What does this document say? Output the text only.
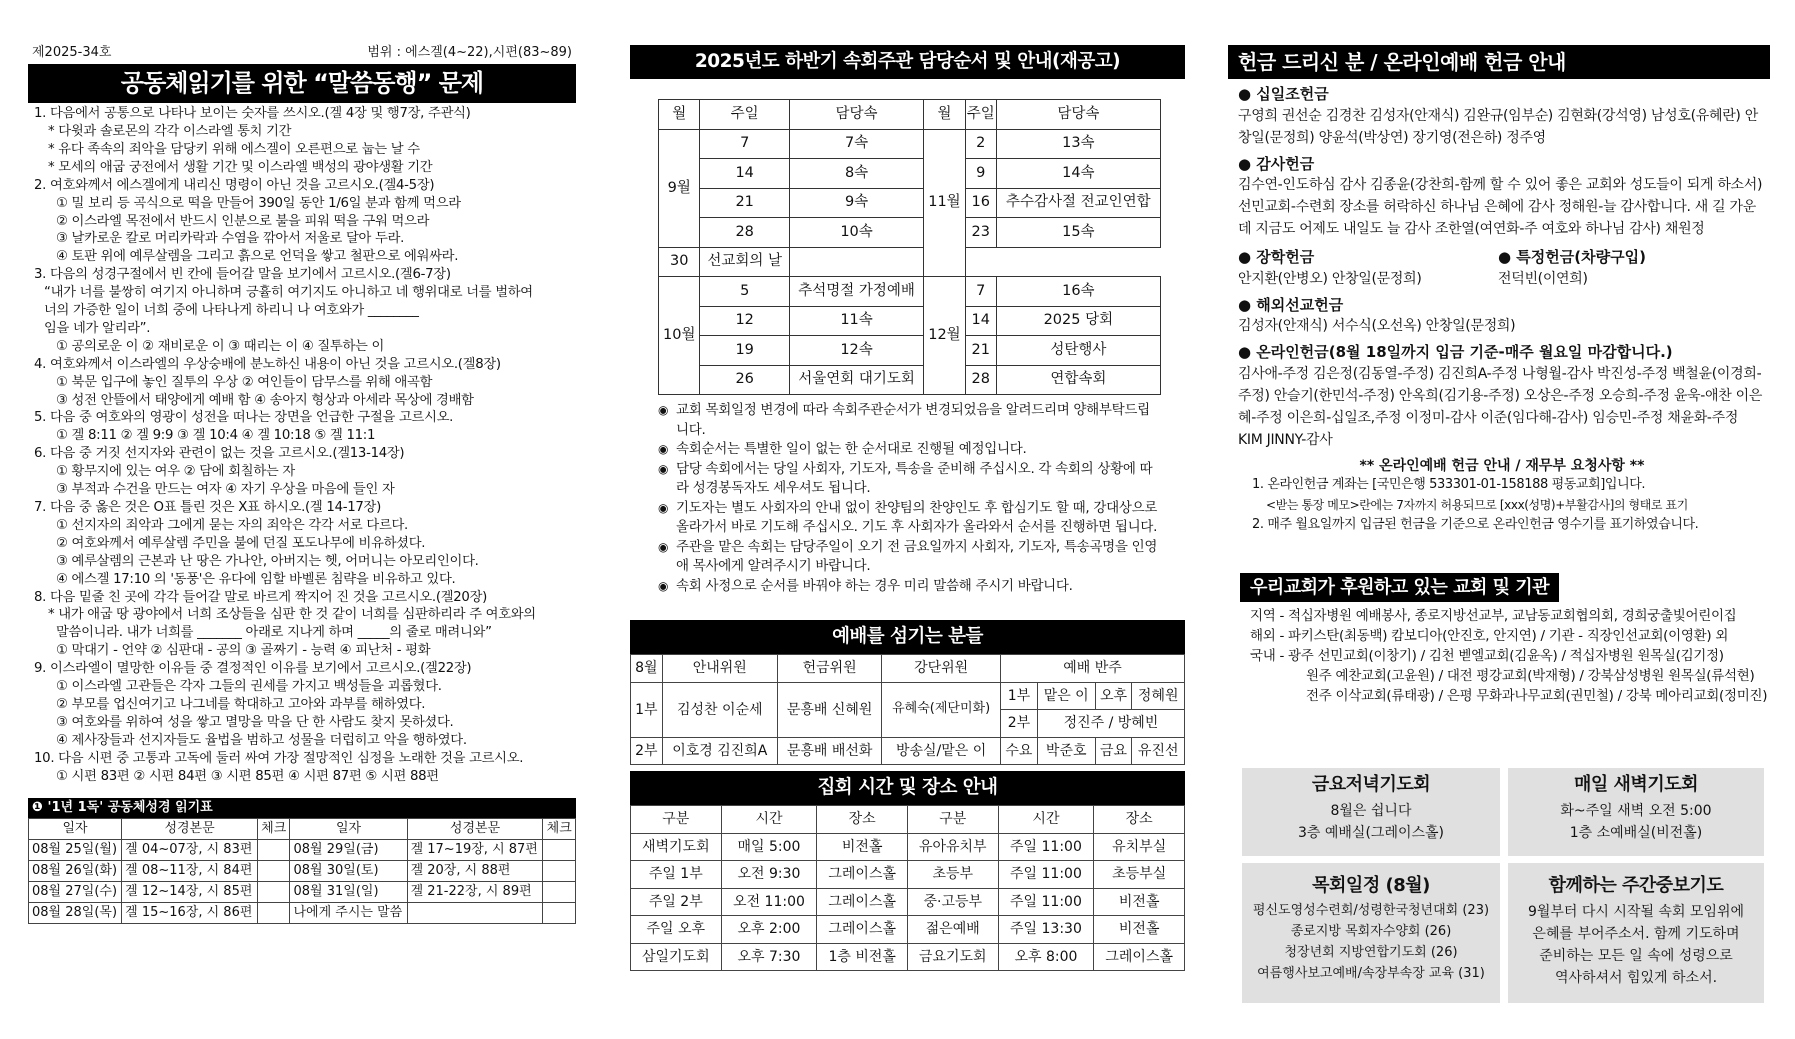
제2025-34호	범위 : 에스겔(4~22),시편(83~89)
공동체읽기를 위한 “말씀동행” 문제
1. 다음에서 공통으로 나타나 보이는 숫자를 쓰시오.(겔 4장 및 행7장, 주관식)
* 다윗과 솔로몬의 각각 이스라엘 통치 기간
* 유다 족속의 죄악을 담당키 위해 에스겔이 오른편으로 눕는 날 수
* 모세의 애굽 궁전에서 생활 기간 및 이스라엘 백성의 광야생활 기간
2. 여호와께서 에스겔에게 내리신 명령이 아닌 것을 고르시오.(겔4-5장)
① 밀 보리 등 곡식으로 떡을 만들어 390일 동안 1/6일 분과 함께 먹으라
② 이스라엘 목전에서 반드시 인분으로 불을 피워 떡을 구워 먹으라
③ 날카로운 칼로 머리카락과 수염을 깎아서 저울로 달아 두라.
④ 토판 위에 예루살렘을 그리고 흙으로 언덕을 쌓고 철판으로 에워싸라.
3. 다음의 성경구절에서 빈 칸에 들어갈 말을 보기에서 고르시오.(겔6-7장)
“내가 너를 불쌍히 여기지 아니하며 긍휼히 여기지도 아니하고 네 행위대로 너를 벌하여
너의 가증한 일이 너희 중에 나타나게 하리니 나 여호와가 ________
임을 네가 알리라”.
① 공의로운 이 ② 재비로운 이 ③ 때리는 이 ④ 질투하는 이
4. 여호와께서 이스라엘의 우상숭배에 분노하신 내용이 아닌 것을 고르시오.(겔8장)
① 북문 입구에 놓인 질투의 우상 ② 여인들이 담무스를 위해 애곡함
③ 성전 안뜰에서 태양에게 예배 함 ④ 송아지 형상과 아세라 목상에 경배함
5. 다음 중 여호와의 영광이 성전을 떠나는 장면을 언급한 구절을 고르시오.
① 겔 8:11 ② 겔 9:9 ③ 겔 10:4 ④ 겔 10:18 ⑤ 겔 11:1
6. 다음 중 거짓 선지자와 관련이 없는 것을 고르시오.(겔13-14장)
① 황무지에 있는 여우 ② 담에 회칠하는 자
③ 부적과 수건을 만드는 여자 ④ 자기 우상을 마음에 들인 자
7. 다음 중 옳은 것은 O표 틀린 것은 X표 하시오.(겔 14-17장)
① 선지자의 죄악과 그에게 묻는 자의 죄악은 각각 서로 다르다.
② 여호와께서 예루살렘 주민을 불에 던질 포도나무에 비유하셨다.
③ 예루살렘의 근본과 난 땅은 가나안, 아버지는 헷, 어머니는 아모리인이다.
④ 에스겔 17:10 의 '동풍'은 유다에 임할 바벨론 침략을 비유하고 있다.
8. 다음 밑줄 친 곳에 각각 들어갈 말로 바르게 짝지어 진 것을 고르시오.(겔20장)
* 내가 애굽 땅 광야에서 너희 조상들을 심판 한 것 같이 너희를 심판하리라 주 여호와의
말씀이니라. 내가 너희를 _______ 아래로 지나게 하며 _____의 줄로 매려니와”
① 막대기 - 언약 ② 심판대 - 공의 ③ 골짜기 - 능력 ④ 피난처 - 평화
9. 이스라엘이 멸망한 이유들 중 결정적인 이유를 보기에서 고르시오.(겔22장)
① 이스라엘 고관들은 각자 그들의 권세를 가지고 백성들을 괴롭혔다.
② 부모를 업신여기고 나그네를 학대하고 고아와 과부를 해하였다.
③ 여호와를 위하여 성을 쌓고 멸망을 막을 단 한 사람도 찾지 못하셨다.
④ 제사장들과 선지자들도 율법을 범하고 성물을 더럽히고 악을 행하였다.
10. 다음 시편 중 고통과 고독에 둘러 싸여 가장 절망적인 심정을 노래한 것을 고르시오.
① 시편 83편 ② 시편 84편 ③ 시편 85편 ④ 시편 87편 ⑤ 시편 88편
❶ '1년 1독' 공동체성경 읽기표
일자	성경본문	체크	일자	성경본문	체크
08월 25일(월)	겔 04~07장, 시 83편		08월 29일(금)	겔 17~19장, 시 87편	
08월 26일(화)	겔 08~11장, 시 84편		08월 30일(토)	겔 20장, 시 88편	
08월 27일(수)	겔 12~14장, 시 85편		08월 31일(일)	겔 21-22장, 시 89편	
08월 28일(목)	겔 15~16장, 시 86편		나에게 주시는 말씀		
2025년도 하반기 속회주관 담당순서 및 안내(재공고)
월	주일	담당속	월	주일	담당속
9월	7	7속	11월	2	13속
	14	8속		9	14속
	21	9속		16	추수감사절 전교인연합
	28	10속		23	15속
30	선교회의 날				
10월	5	추석명절 가정예배	12월	7	16속
	12	11속		14	2025 당회
	19	12속		21	성탄행사
	26	서울연회 대기도회		28	연합속회
◉ 교회 목회일정 변경에 따라 속회주관순서가 변경되었음을 알려드리며 양해부탁드립니다.
◉ 속회순서는 특별한 일이 없는 한 순서대로 진행될 예정입니다.
◉ 담당 속회에서는 당일 사회자, 기도자, 특송을 준비해 주십시오. 각 속회의 상황에 따라 성경봉독자도 세우셔도 됩니다.
◉ 기도자는 별도 사회자의 안내 없이 찬양팀의 찬양인도 후 합심기도 할 때, 강대상으로 올라가서 바로 기도해 주십시오. 기도 후 사회자가 올라와서 순서를 진행하면 됩니다.
◉ 주관을 맡은 속회는 담당주일이 오기 전 금요일까지 사회자, 기도자, 특송곡명을 인영애 목사에게 알려주시기 바랍니다.
◉ 속회 사정으로 순서를 바꿔야 하는 경우 미리 말씀해 주시기 바랍니다.
예배를 섬기는 분들
8월	안내위원	헌금위원	강단위원	예배 반주			
1부	김성찬 이순세	문흥배 신혜원	유혜숙(제단미화)	1부	맡은 이	오후	정혜원
				2부	정진주 / 방혜빈		
2부	이호경 김진희A	문흥배 배선화	방송실/맡은 이	수요	박준호	금요	유진선
집회 시간 및 장소 안내
구분	시간	장소	구분	시간	장소
새벽기도회	매일 5:00	비전홀	유아유치부	주일 11:00	유치부실
주일 1부	오전 9:30	그레이스홀	초등부	주일 11:00	초등부실
주일 2부	오전 11:00	그레이스홀	중·고등부	주일 11:00	비전홀
주일 오후	오후 2:00	그레이스홀	젊은예배	주일 13:30	비전홀
삼일기도회	오후 7:30	1층 비전홀	금요기도회	오후 8:00	그레이스홀
헌금 드리신 분 / 온라인예배 헌금 안내
● 십일조헌금
구영희 권선순 김경찬 김성자(안재식) 김완규(임부순) 김현화(강석영) 남성호(유혜란) 안창일(문정희) 양윤석(박상연) 장기영(전은하) 정주영
● 감사헌금
김수연-인도하심 감사 김종윤(강찬희-함께 할 수 있어 좋은 교회와 성도들이 되게 하소서) 선민교회-수련회 장소를 허락하신 하나님 은혜에 감사 정해원-늘 감사합니다. 새 길 가운데 지금도 어제도 내일도 늘 감사 조한열(여연화-주 여호와 하나님 감사) 채원정
● 장학헌금
안지환(안병오) 안창일(문정희)
● 특정헌금(차량구입)
전덕빈(이연희)
● 해외선교헌금
김성자(안재식) 서수식(오선옥) 안창일(문정희)
● 온라인헌금(8월 18일까지 입금 기준-매주 월요일 마감합니다.)
김사애-주정 김은정(김동열-주정) 김진희A-주정 나형월-감사 박진성-주정 백철윤(이경희-주정) 안슬기(한민석-주정) 안옥희(김기용-주정) 오상은-주정 오승희-주정 윤욱-애찬 이은혜-주정 이은희-십일조,주정 이정미-감사 이준(임다해-감사) 임승민-주정 채윤화-주정 KIM JINNY-감사
** 온라인예배 헌금 안내 / 재무부 요청사항 **
1. 온라인헌금 계좌는 [국민은행 533301-01-158188 평동교회]입니다.
<받는 통장 메모>란에는 7자까지 허용되므로 [xxx(성명)+부활감사]의 형태로 표기
2. 매주 월요일까지 입금된 헌금을 기준으로 온라인헌금 영수기를 표기하였습니다.
우리교회가 후원하고 있는 교회 및 기관
지역 - 적십자병원 예배봉사, 종로지방선교부, 교남동교회협의회, 경희궁출빛어린이집
해외 - 파키스탄(최동백) 캄보디아(안진호, 안지연) / 기관 - 직장인선교회(이영환) 외
국내 - 광주 선민교회(이창기) / 김천 벧엘교회(김윤옥) / 적십자병원 원목실(김기정)
원주 예찬교회(고윤원) / 대전 평강교회(박재형) / 강북삼성병원 원목실(류석현)
전주 이삭교회(류태광) / 은평 무화과나무교회(권민철) / 강북 메아리교회(정미진)
금요저녁기도회
8월은 쉽니다
3층 예배실(그레이스홀)
매일 새벽기도회
화~주일 새벽 오전 5:00
1층 소예배실(비전홀)
목회일정 (8월)
평신도영성수련회/성령한국청년대회 (23)
종로지방 목회자수양회 (26)
청장년회 지방연합기도회 (26)
여름행사보고예배/속장부속장 교육 (31)
함께하는 주간중보기도
9월부터 다시 시작될 속회 모임위에
은혜를 부어주소서. 함께 기도하며
준비하는 모든 일 속에 성령으로
역사하셔서 힘있게 하소서.
